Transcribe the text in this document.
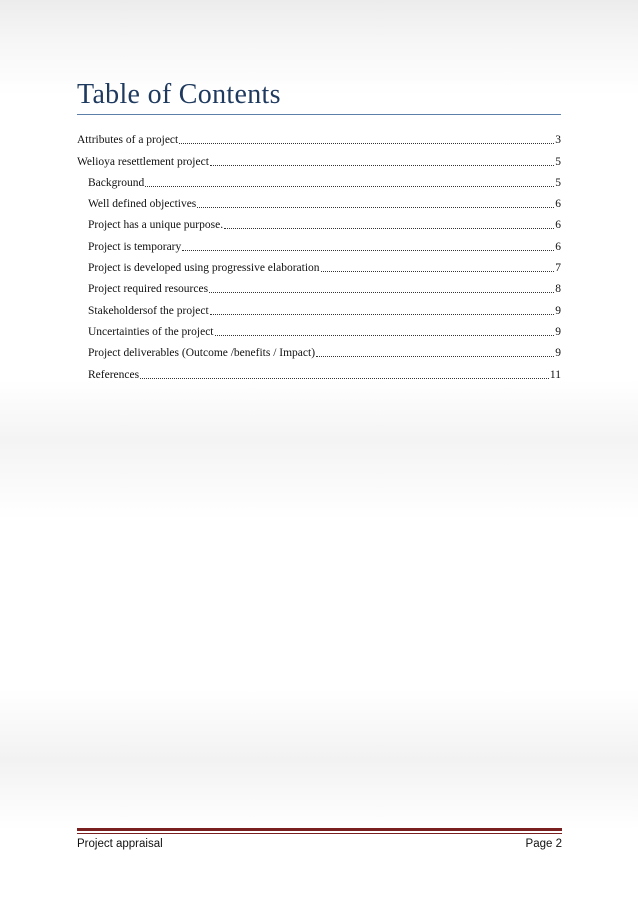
Table of Contents
Attributes of a project	3
Welioya resettlement project	5
Background	5
Well defined objectives	6
Project has a unique purpose.	6
Project is temporary	6
Project is developed using progressive elaboration	7
Project required resources	8
Stakeholdersof the project	9
Uncertainties of the project	9
Project deliverables (Outcome /benefits / Impact)	9
References	11
Project appraisal	Page 2
